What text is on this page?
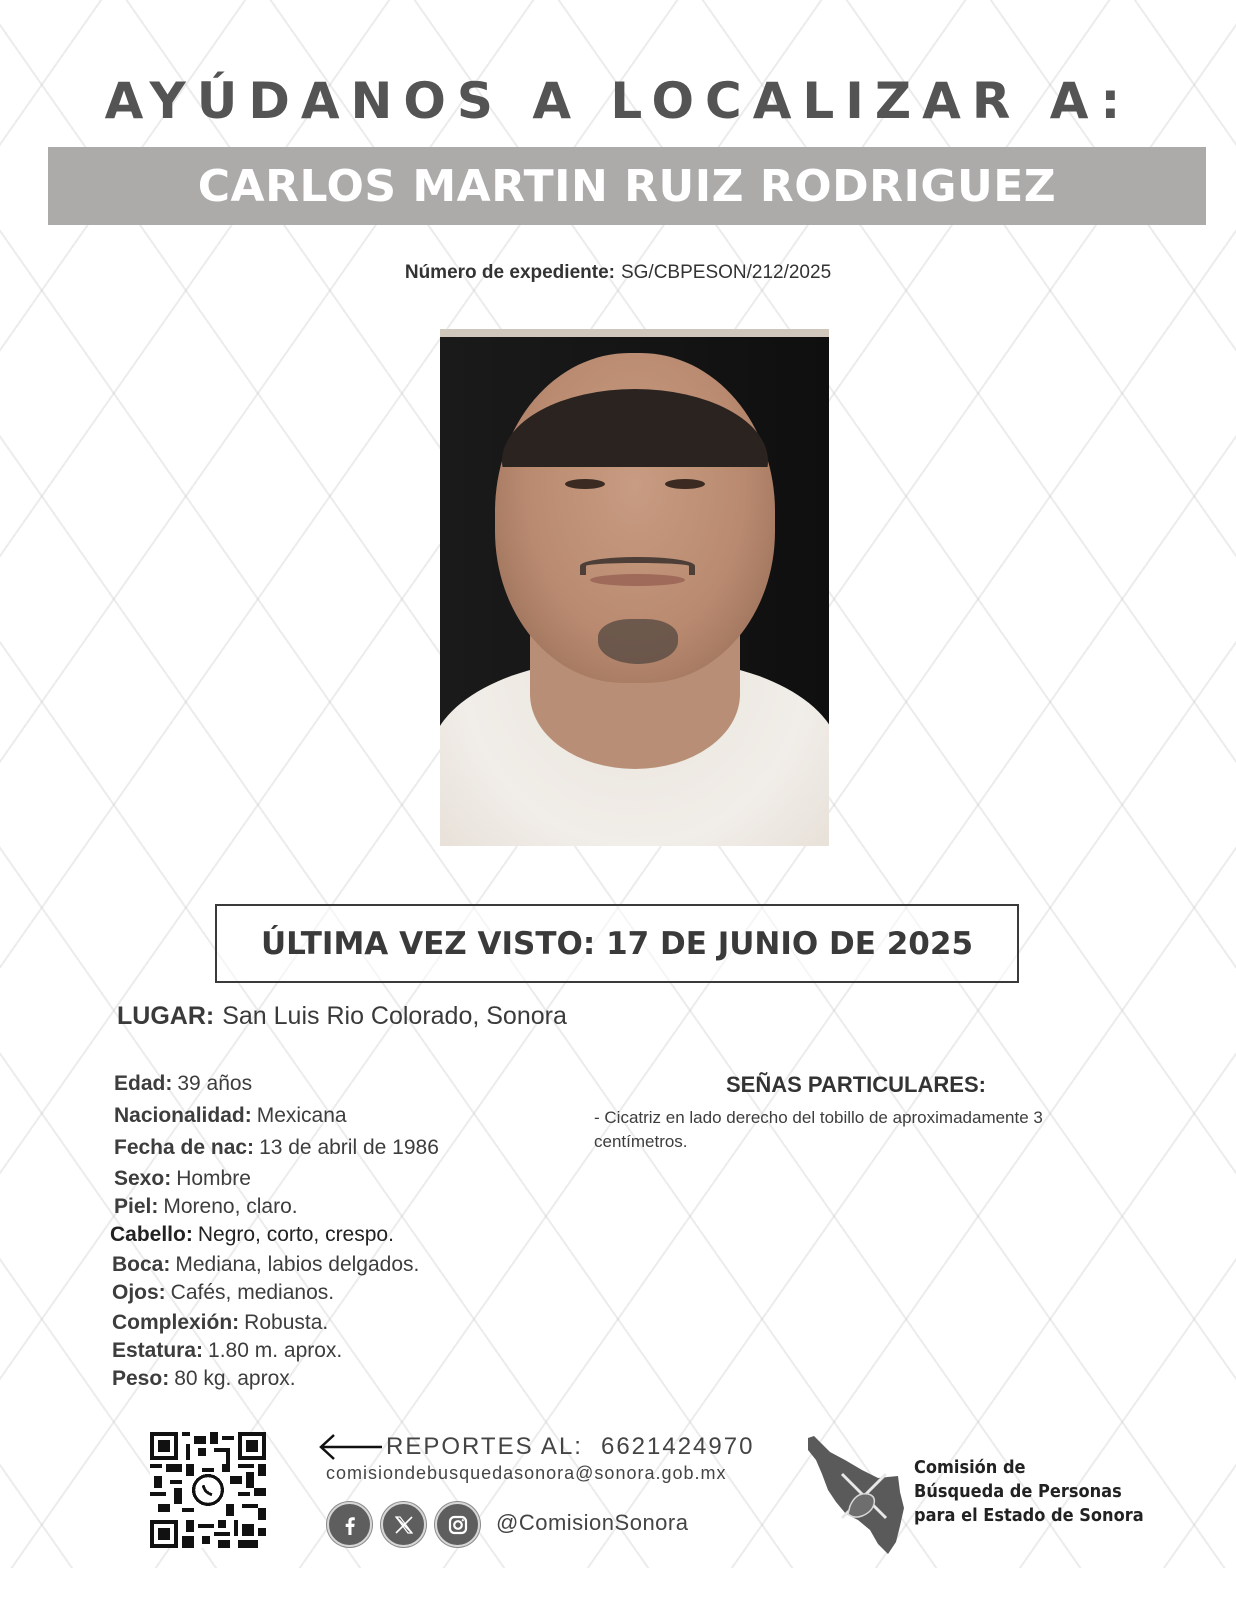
AYÚDANOS A LOCALIZAR A:
CARLOS MARTIN RUIZ RODRIGUEZ
Número de expediente: SG/CBPESON/212/2025
ÚLTIMA VEZ VISTO: 17 DE JUNIO DE 2025
LUGAR: San Luis Rio Colorado, Sonora
Edad: 39 años
Nacionalidad: Mexicana
Fecha de nac: 13 de abril de 1986
Sexo: Hombre
Piel: Moreno, claro.
Cabello: Negro, corto, crespo.
Boca: Mediana, labios delgados.
Ojos: Cafés, medianos.
Complexión: Robusta.
Estatura: 1.80 m. aprox.
Peso: 80 kg. aprox.
SEÑAS PARTICULARES:
- Cicatriz en lado derecho del tobillo de aproximadamente 3 centímetros.
REPORTES AL: 6621424970
comisiondebusquedasonora@sonora.gob.mx
@ComisionSonora
Comisión de
Búsqueda de Personas
para el Estado de Sonora
